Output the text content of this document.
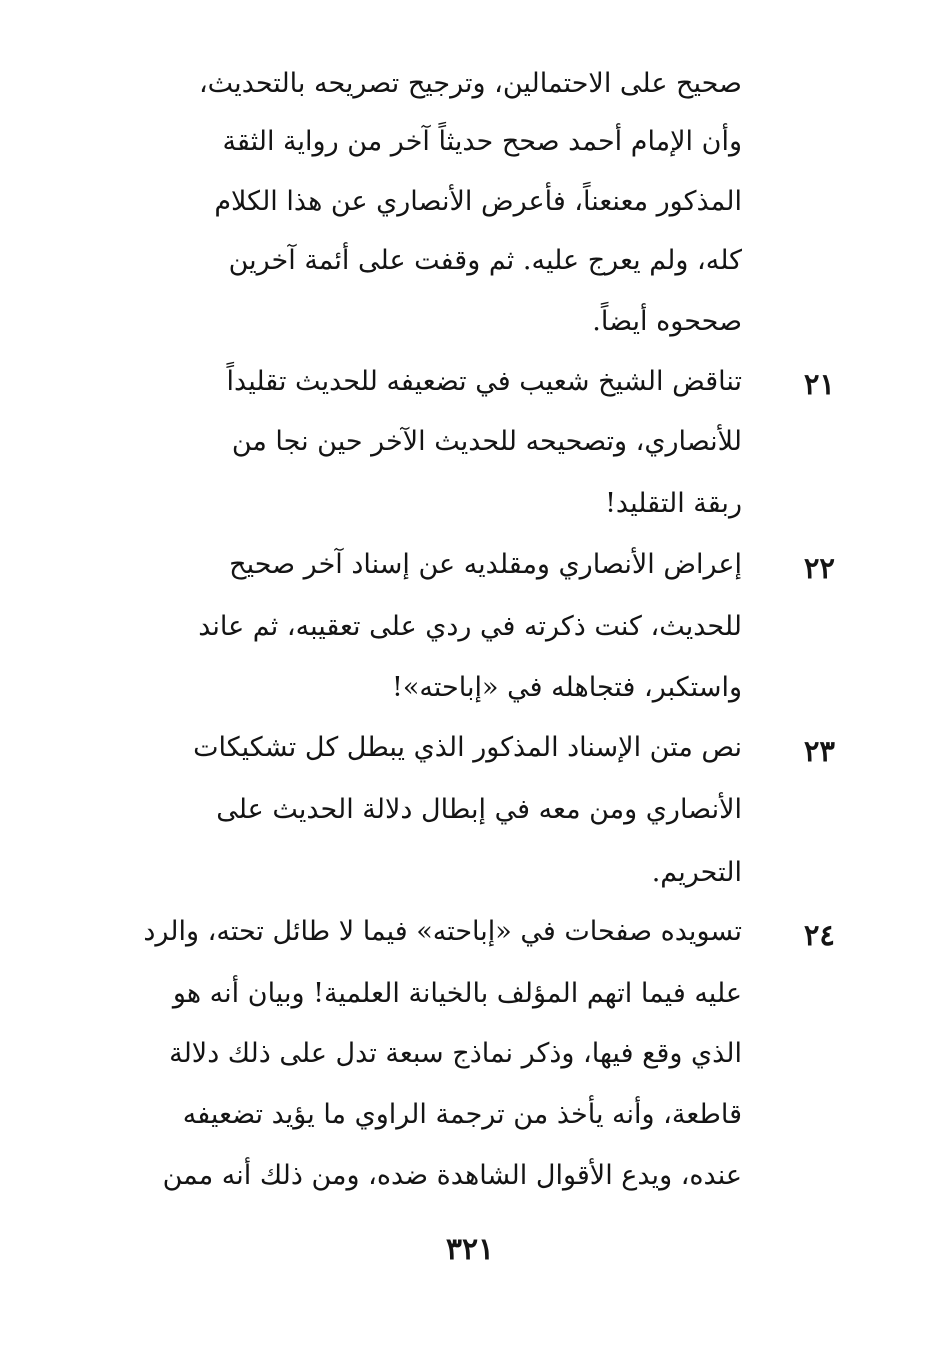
صحيح على الاحتمالين، وترجيح تصريحه بالتحديث،
وأن الإمام أحمد صحح حديثاً آخر من رواية الثقة
المذكور معنعناً، فأعرض الأنصاري عن هذا الكلام
كله، ولم يعرج عليه. ثم وقفت على أئمة آخرين
صححوه أيضاً.
٢١
تناقض الشيخ شعيب في تضعيفه للحديث تقليداً
للأنصاري، وتصحيحه للحديث الآخر حين نجا من
ربقة التقليد!
٢٢
إعراض الأنصاري ومقلديه عن إسناد آخر صحيح
للحديث، كنت ذكرته في ردي على تعقيبه، ثم عاند
واستكبر، فتجاهله في «إباحته»!
٢٣
نص متن الإسناد المذكور الذي يبطل كل تشكيكات
الأنصاري ومن معه في إبطال دلالة الحديث على
التحريم.
٢٤
تسويده صفحات في «إباحته» فيما لا طائل تحته، والرد
عليه فيما اتهم المؤلف بالخيانة العلمية! وبيان أنه هو
الذي وقع فيها، وذكر نماذج سبعة تدل على ذلك دلالة
قاطعة، وأنه يأخذ من ترجمة الراوي ما يؤيد تضعيفه
عنده، ويدع الأقوال الشاهدة ضده، ومن ذلك أنه ممن
٣٢١
